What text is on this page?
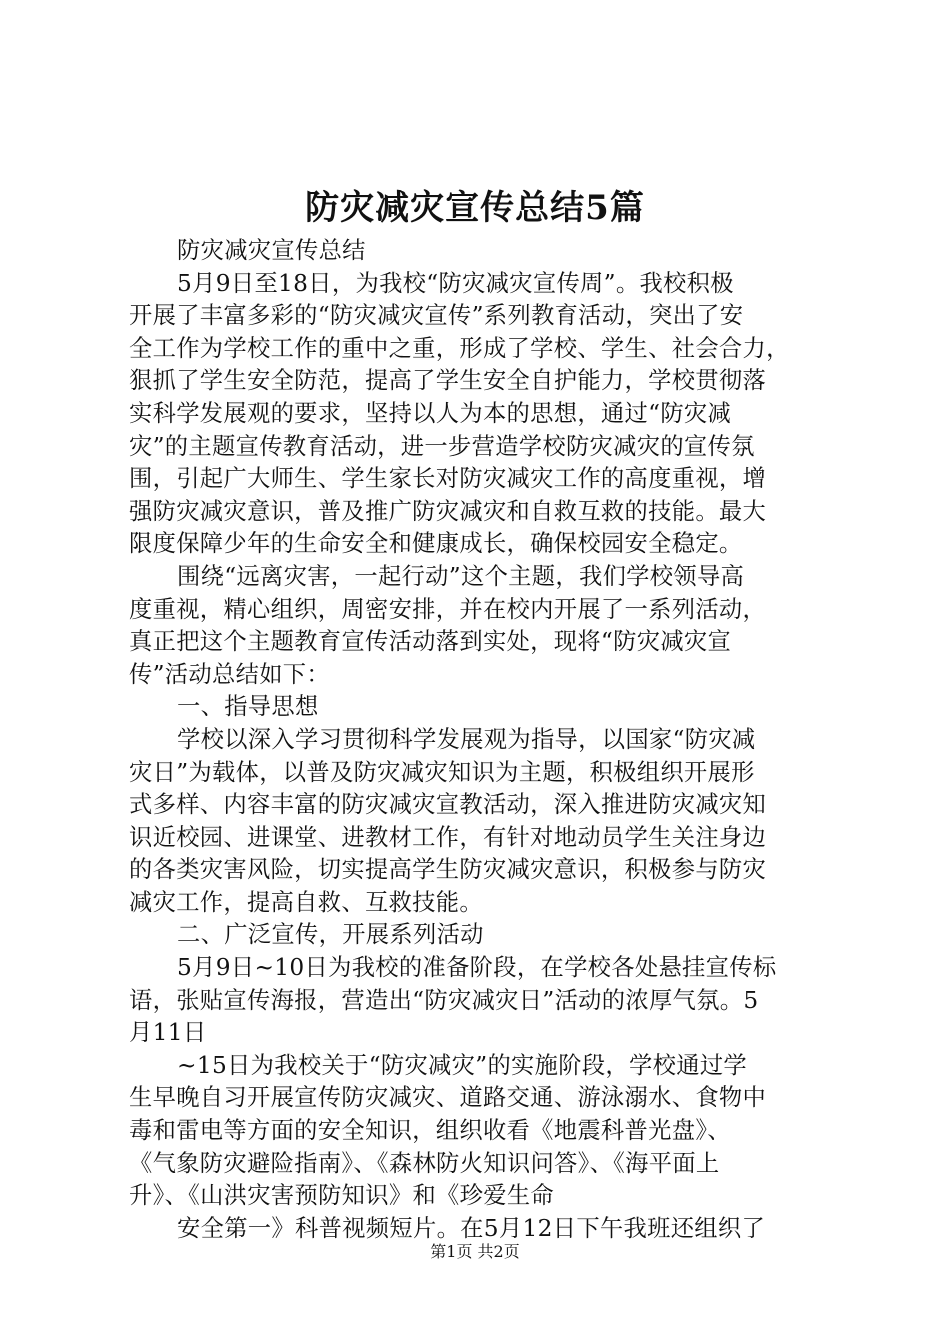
防灾减灾宣传总结5篇
防灾减灾宣传总结
5月9日至18日，为我校“防灾减灾宣传周”。我校积极
开展了丰富多彩的“防灾减灾宣传”系列教育活动，突出了安
全工作为学校工作的重中之重，形成了学校、学生、社会合力，
狠抓了学生安全防范，提高了学生安全自护能力，学校贯彻落
实科学发展观的要求，坚持以人为本的思想，通过“防灾减
灾”的主题宣传教育活动，进一步营造学校防灾减灾的宣传氛
围，引起广大师生、学生家长对防灾减灾工作的高度重视，增
强防灾减灾意识，普及推广防灾减灾和自救互救的技能。最大
限度保障少年的生命安全和健康成长，确保校园安全稳定。
围绕“远离灾害，一起行动”这个主题，我们学校领导高
度重视，精心组织，周密安排，并在校内开展了一系列活动，
真正把这个主题教育宣传活动落到实处，现将“防灾减灾宣
传”活动总结如下：
一、指导思想
学校以深入学习贯彻科学发展观为指导，以国家“防灾减
灾日”为载体，以普及防灾减灾知识为主题，积极组织开展形
式多样、内容丰富的防灾减灾宣教活动，深入推进防灾减灾知
识近校园、进课堂、进教材工作，有针对地动员学生关注身边
的各类灾害风险，切实提高学生防灾减灾意识，积极参与防灾
减灾工作，提高自救、互救技能。
二、广泛宣传，开展系列活动
5月9日~10日为我校的准备阶段，在学校各处悬挂宣传标
语，张贴宣传海报，营造出“防灾减灾日”活动的浓厚气氛。5
月11日
~15日为我校关于“防灾减灾”的实施阶段，学校通过学
生早晚自习开展宣传防灾减灾、道路交通、游泳溺水、食物中
毒和雷电等方面的安全知识，组织收看《地震科普光盘》、
《气象防灾避险指南》、《森林防火知识问答》、《海平面上
升》、《山洪灾害预防知识》和《珍爱生命
安全第一》科普视频短片。在5月12日下午我班还组织了
第1页 共2页
